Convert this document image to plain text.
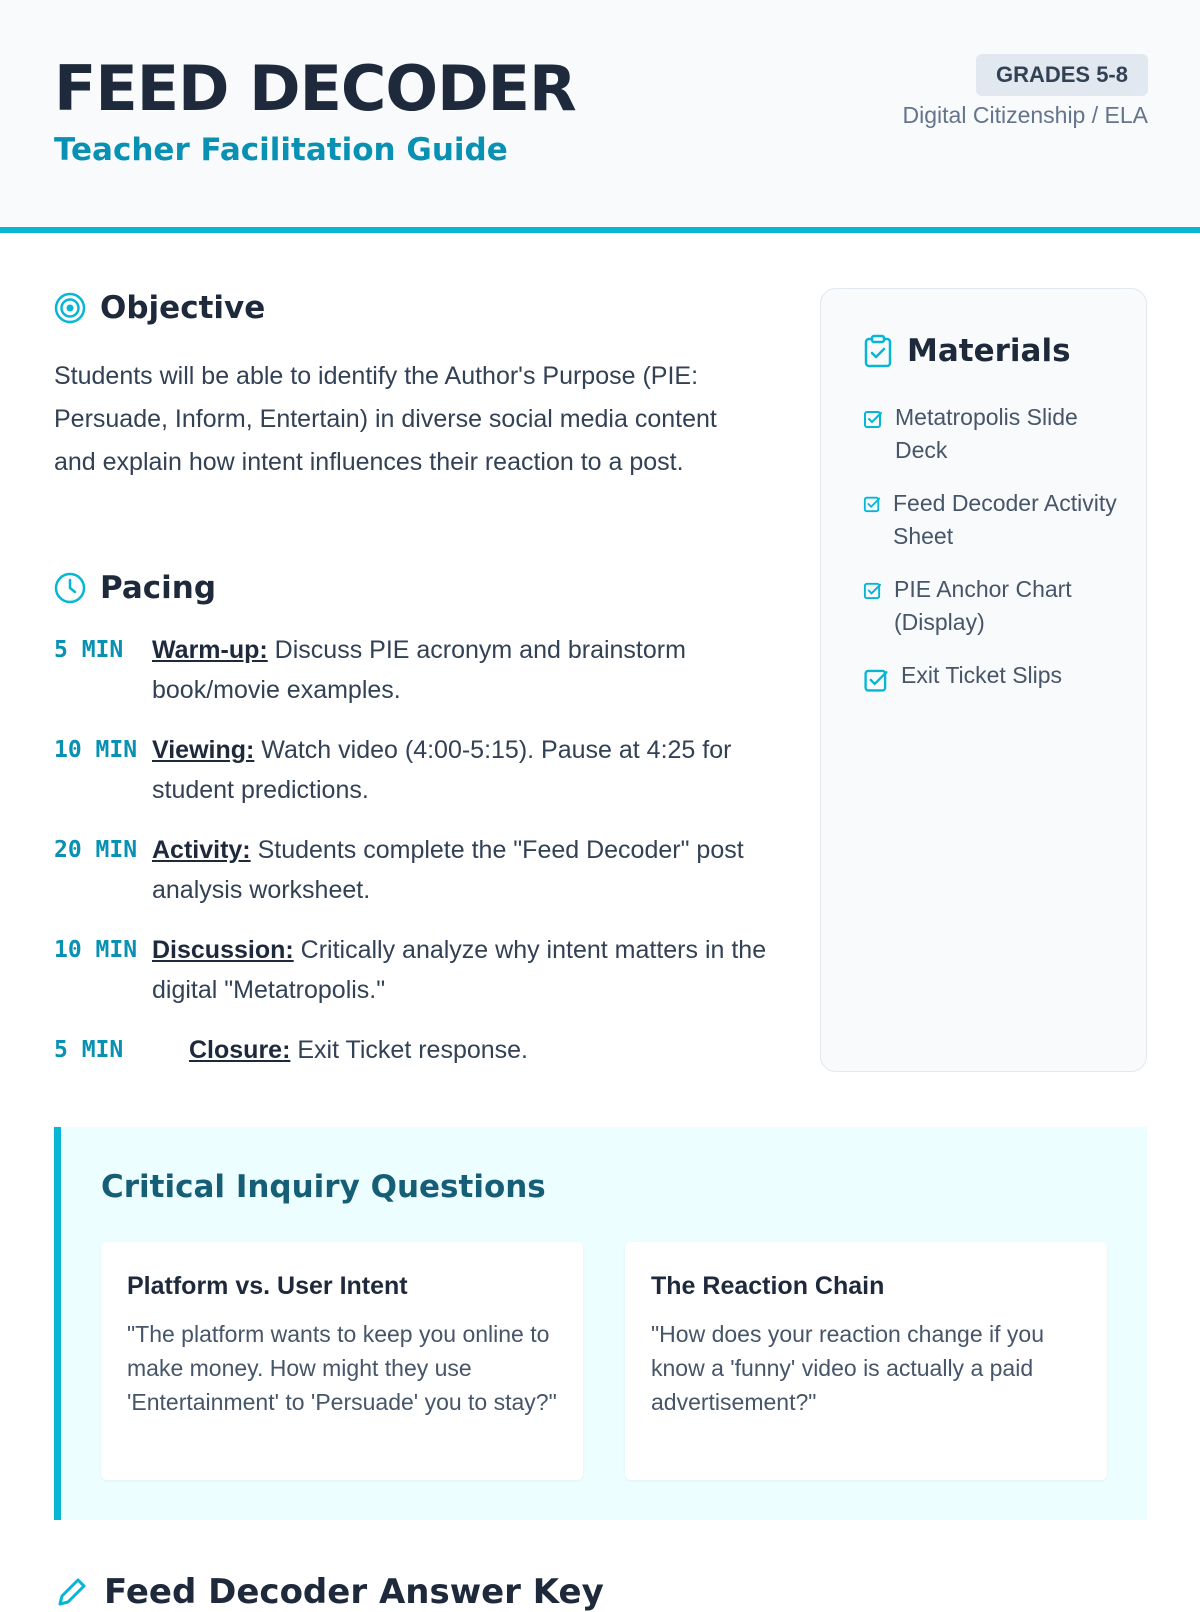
FEED DECODER
Teacher Facilitation Guide
GRADES 5-8
Digital Citizenship / ELA
Objective
Students will be able to identify the Author's Purpose (PIE: Persuade, Inform, Entertain) in diverse social media content and explain how intent influences their reaction to a post.
Pacing
5 MIN	Warm-up: Discuss PIE acronym and brainstorm book/movie examples.
10 MIN Viewing: Watch video (4:00-5:15). Pause at 4:25 for student predictions.
20 MIN Activity: Students complete the "Feed Decoder" post analysis worksheet.
10 MIN Discussion: Critically analyze why intent matters in the digital "Metatropolis."
5 MIN	Closure: Exit Ticket response.
Materials
Metatropolis Slide Deck
Feed Decoder Activity Sheet
PIE Anchor Chart (Display)
Exit Ticket Slips
Critical Inquiry Questions
Platform vs. User Intent

"The platform wants to keep you online to make money. How might they use 'Entertainment' to 'Persuade' you to stay?"

The Reaction Chain

"How does your reaction change if you know a 'funny' video is actually a paid advertisement?"

Feed Decoder Answer Key
